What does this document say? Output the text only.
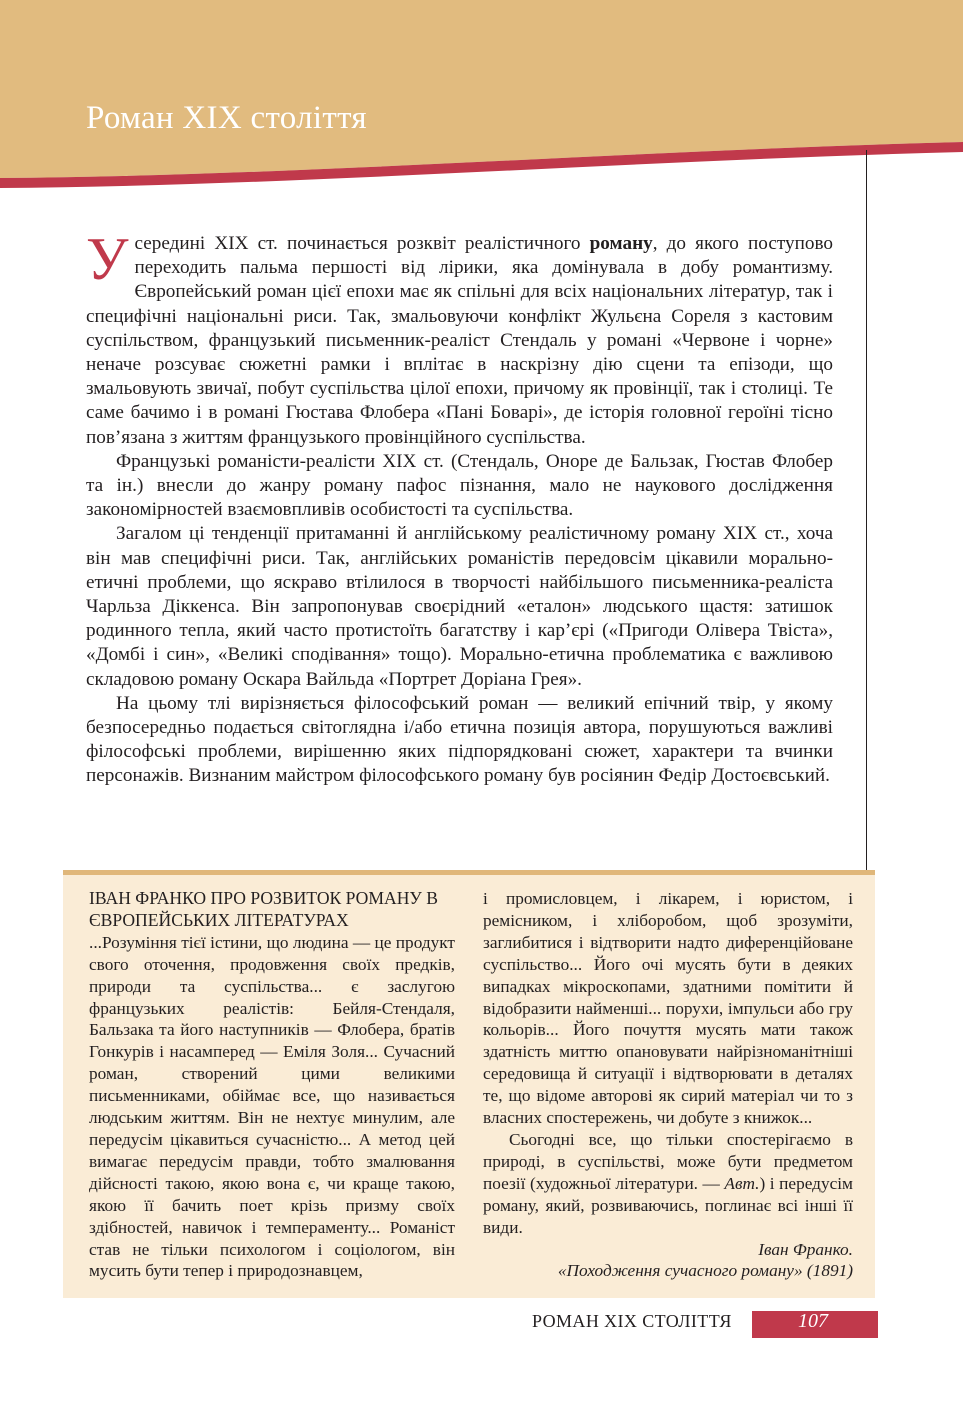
Роман XIX століття

Усерединi XIX ст. починається розквіт реалістичного роману, до якого поступово переходить пальма першості від лірики, яка домінувала в добу романтизму. Європейський роман цієї епохи має як спільні для всіх національних літератур, так і специфічні національні риси. Так, змальовуючи конфлікт Жульєна Сореля з кастовим суспільством, французький письменник-реаліст Стендаль у романі «Червоне і чорне» неначе розсуває сюжетні рамки і вплітає в наскрізну дію сцени та епізоди, що змальовують звичаї, побут суспільства цілої епохи, причому як провінції, так і столиці. Те саме бачимо і в романі Гюстава Флобера «Пані Боварі», де історія головної героїні тісно пов’язана з життям французького провінційного суспільства.

Французькі романісти-реалісти XIX ст. (Стендаль, Оноре де Бальзак, Гюстав Флобер та ін.) внесли до жанру роману пафос пізнання, мало не наукового дослідження закономірностей взаємовпливів особистості та суспільства.

Загалом ці тенденції притаманні й англійському реалістичному роману XIX ст., хоча він мав специфічні риси. Так, англійських романістів передовсім цікавили морально-етичні проблеми, що яскраво втілилося в творчості найбільшого письменника-реаліста Чарльза Діккенса. Він запропонував своєрідний «еталон» людського щастя: затишок родинного тепла, який часто протистоїть багатству і кар’єрі («Пригоди Олівера Твіста», «Домбі і син», «Великі сподівання» тощо). Морально-етична проблематика є важливою складовою роману Оскара Вайльда «Портрет Доріана Грея».

На цьому тлі вирізняється філософський роман — великий епічний твір, у якому безпосередньо подається світоглядна і/або етична позиція автора, порушуються важливі філософські проблеми, вирішенню яких підпорядковані сюжет, характери та вчинки персонажів. Визнаним майстром філософського роману був росіянин Федір Достоєвський.

ІВАН ФРАНКО ПРО РОЗВИТОК РОМАНУ В ЄВРОПЕЙСЬКИХ ЛІТЕРАТУРАХ

...Розуміння тієї істини, що людина — це продукт свого оточення, продовження своїх предків, природи та суспільства... є заслугою французьких реалістів: Бейля-Стендаля, Бальзака та його наступників — Флобера, братів Гонкурів і насамперед — Еміля Золя... Сучасний роман, створений цими великими письменниками, обіймає все, що називається людським життям. Він не нехтує минулим, але передусім цікавиться сучасністю... А метод цей вимагає передусім правди, тобто змалювання дійсності такою, якою вона є, чи краще такою, якою її бачить поет крізь призму своїх здібностей, навичок і темпераменту... Романіст став не тільки психологом і соціологом, він мусить бути тепер і природознавцем,

і промисловцем, і лікарем, і юристом, і ремісником, і хліборобом, щоб зрозуміти, заглибитися і відтворити надто диференційоване суспільство... Його очі мусять бути в деяких випадках мікроскопами, здатними помітити й відобразити найменші... порухи, імпульси або гру кольорів... Його почуття мусять мати також здатність миттю опановувати найрізноманітніші середовища й ситуації і відтворювати в деталях те, що відоме авторові як сирий матеріал чи то з власних спостережень, чи добуте з книжок...

Сьогодні все, що тільки спостерігаємо в природі, в суспільстві, може бути предметом поезії (художньої літератури. — Авт.) і передусім роману, який, розвиваючись, поглинає всі інші її види.

Іван Франко.

«Походження сучасного роману» (1891)

РОМАН XIX СТОЛІТТЯ	107
